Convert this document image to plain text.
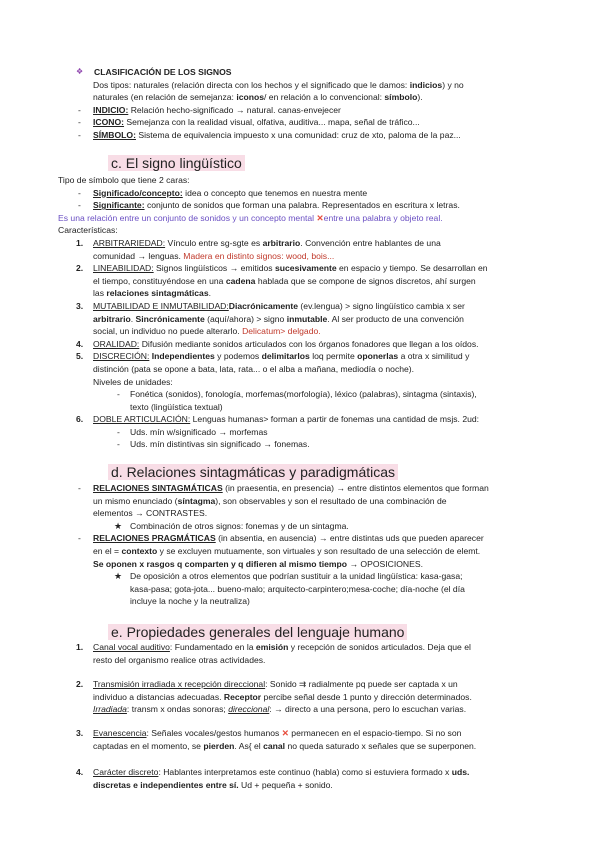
❖ CLASIFICACIÓN DE LOS SIGNOS
Dos tipos: naturales (relación directa con los hechos y el significado que le damos: indicios) y no
naturales (en relación de semejanza: iconos/ en relación a lo convencional: símbolo).
- INDICIO: Relación hecho-significado → natural. canas-envejecer
- ICONO: Semejanza con la realidad visual, olfativa, auditiva... mapa, señal de tráfico...
- SÍMBOLO: Sistema de equivalencia impuesto x una comunidad: cruz de xto, paloma de la paz...
c. El signo lingüístico
Tipo de símbolo que tiene 2 caras:
- Significado/concepto: idea o concepto que tenemos en nuestra mente
- Significante: conjunto de sonidos que forman una palabra. Representados en escritura x letras.
Es una relación entre un conjunto de sonidos y un concepto mental ✕entre una palabra y objeto real.
Características:
1. ARBITRARIEDAD: Vínculo entre sg-sgte es arbitrario. Convención entre hablantes de una
comunidad → lenguas. Madera en distinto signos: wood, bois...
2. LINEABILIDAD: Signos lingüísticos → emitidos sucesivamente en espacio y tiempo. Se desarrollan en
el tiempo, constituyéndose en una cadena hablada que se compone de signos discretos, ahí surgen
las relaciones sintagmáticas.
3. MUTABILIDAD E INMUTABILIDAD:Diacrónicamente (ev.lengua) > signo lingüístico cambia x ser
arbitrario. Sincrónicamente (aquí/ahora) > signo inmutable. Al ser producto de una convención
social, un individuo no puede alterarlo. Delicatum> delgado.
4. ORALIDAD: Difusión mediante sonidos articulados con los órganos fonadores que llegan a los oídos.
5. DISCRECIÓN: Independientes y podemos delimitarlos loq permite oponerlas a otra x similitud y
distinción (pata se opone a bata, lata, rata... o el alba a mañana, mediodía o noche).
Niveles de unidades:
- Fonética (sonidos), fonología, morfemas(morfología), léxico (palabras), sintagma (sintaxis),
texto (lingüística textual)
6. DOBLE ARTICULACIÓN: Lenguas humanas> forman a partir de fonemas una cantidad de msjs. 2ud:
- Uds. mín w/significado → morfemas
- Uds. mín distintivas sin significado → fonemas.
d. Relaciones sintagmáticas y paradigmáticas
- RELACIONES SINTAGMÁTICAS (in praesentia, en presencia) → entre distintos elementos que forman
un mismo enunciado (síntagma), son observables y son el resultado de una combinación de
elementos → CONTRASTES.
★ Combinación de otros signos: fonemas y de un sintagma.
- RELACIONES PRAGMÁTICAS (in absentia, en ausencia) → entre distintas uds que pueden aparecer
en el = contexto y se excluyen mutuamente, son virtuales y son resultado de una selección de elemt.
Se oponen x rasgos q comparten y q difieren al mismo tiempo → OPOSICIONES.
★ De oposición a otros elementos que podrían sustituir a la unidad lingüística: kasa-gasa;
kasa-pasa; gota-jota... bueno-malo; arquitecto-carpintero;mesa-coche; día-noche (el día
incluye la noche y la neutraliza)
e. Propiedades generales del lenguaje humano
1. Canal vocal auditivo: Fundamentado en la emisión y recepción de sonidos articulados. Deja que el
resto del organismo realice otras actividades.
2. Transmisión irradiada x recepción direccional: Sonido ⇉ radialmente pq puede ser captada x un
individuo a distancias adecuadas. Receptor percibe señal desde 1 punto y dirección determinados.
Irradiada: transm x ondas sonoras; direccional: → directo a una persona, pero lo escuchan varias.
3. Evanescencia: Señales vocales/gestos humanos ✕ permanecen en el espacio-tiempo. Si no son
captadas en el momento, se pierden. As{ el canal no queda saturado x señales que se superponen.
4. Carácter discreto: Hablantes interpretamos este continuo (habla) como si estuviera formado x uds.
discretas e independientes entre sí. Ud + pequeña + sonido.
